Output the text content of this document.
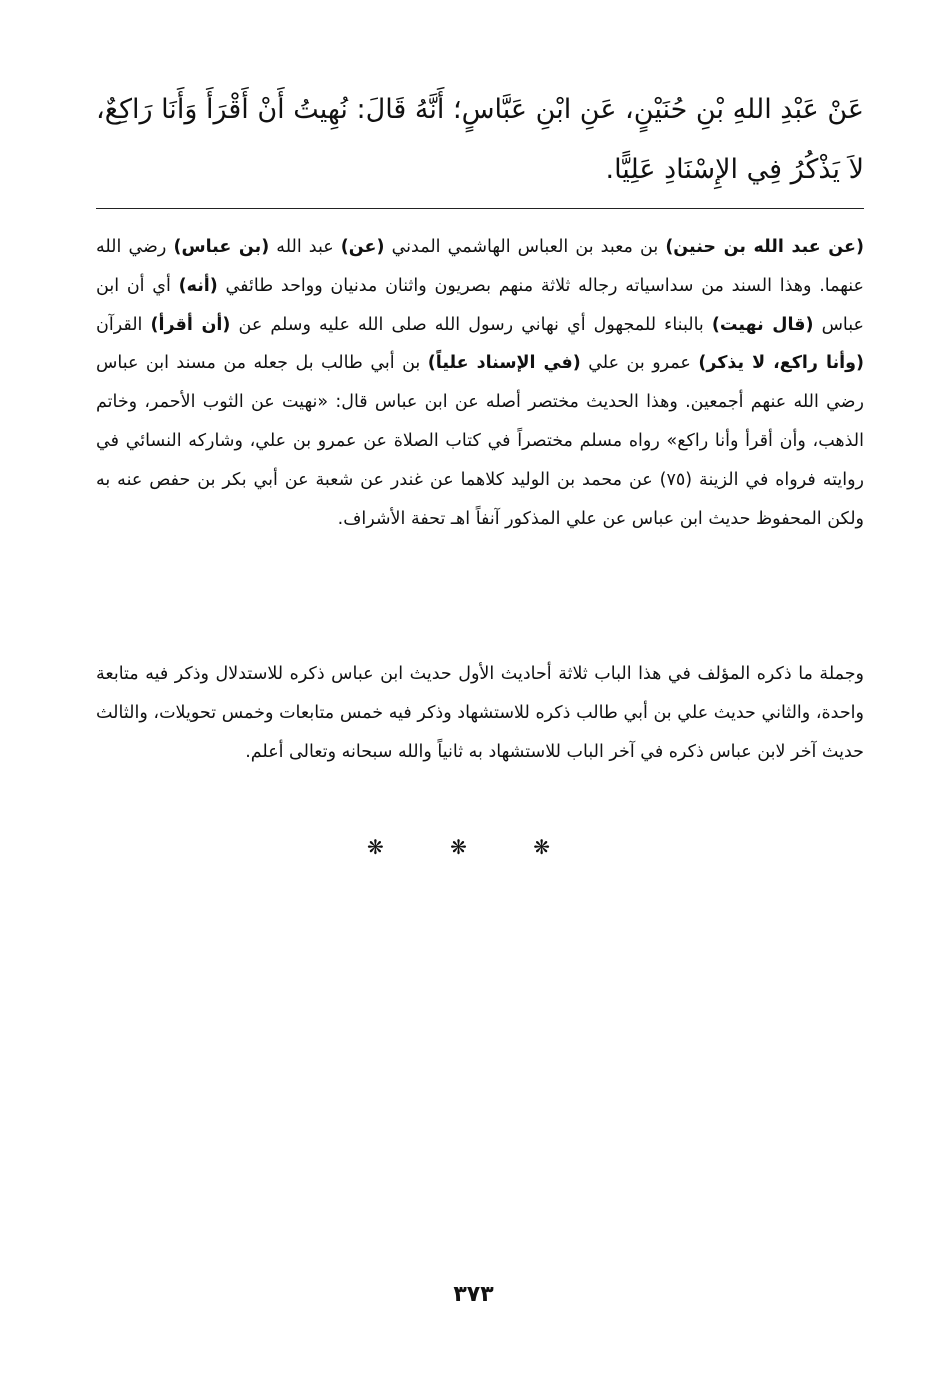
عَنْ عَبْدِ اللهِ بْنِ حُنَيْنٍ، عَنِ ابْنِ عَبَّاسٍ؛ أَنَّهُ قَالَ: نُهِيتُ أَنْ أَقْرَأَ وَأَنَا رَاكِعٌ، لاَ يَذْكُرُ فِي الإِسْنَادِ عَلِيًّا.
(عن عبد الله بن حنين) بن معبد بن العباس الهاشمي المدني (عن) عبد الله (بن عباس) رضي الله عنهما. وهذا السند من سداسياته رجاله ثلاثة منهم بصريون واثنان مدنيان وواحد طائفي (أنه) أي أن ابن عباس (قال نهيت) بالبناء للمجهول أي نهاني رسول الله صلى الله عليه وسلم عن (أن أقرأ) القرآن (وأنا راكع، لا يذكر) عمرو بن علي (في الإسناد علياً) بن أبي طالب بل جعله من مسند ابن عباس رضي الله عنهم أجمعين. وهذا الحديث مختصر أصله عن ابن عباس قال: «نهيت عن الثوب الأحمر، وخاتم الذهب، وأن أقرأ وأنا راكع» رواه مسلم مختصراً في كتاب الصلاة عن عمرو بن علي، وشاركه النسائي في روايته فرواه في الزينة (٧٥) عن محمد بن الوليد كلاهما عن غندر عن شعبة عن أبي بكر بن حفص عنه به ولكن المحفوظ حديث ابن عباس عن علي المذكور آنفاً اهـ تحفة الأشراف.
وجملة ما ذكره المؤلف في هذا الباب ثلاثة أحاديث الأول حديث ابن عباس ذكره للاستدلال وذكر فيه متابعة واحدة، والثاني حديث علي بن أبي طالب ذكره للاستشهاد وذكر فيه خمس متابعات وخمس تحويلات، والثالث حديث آخر لابن عباس ذكره في آخر الباب للاستشهاد به ثانياً والله سبحانه وتعالى أعلم.
❋ ❋ ❋
٣٧٣
